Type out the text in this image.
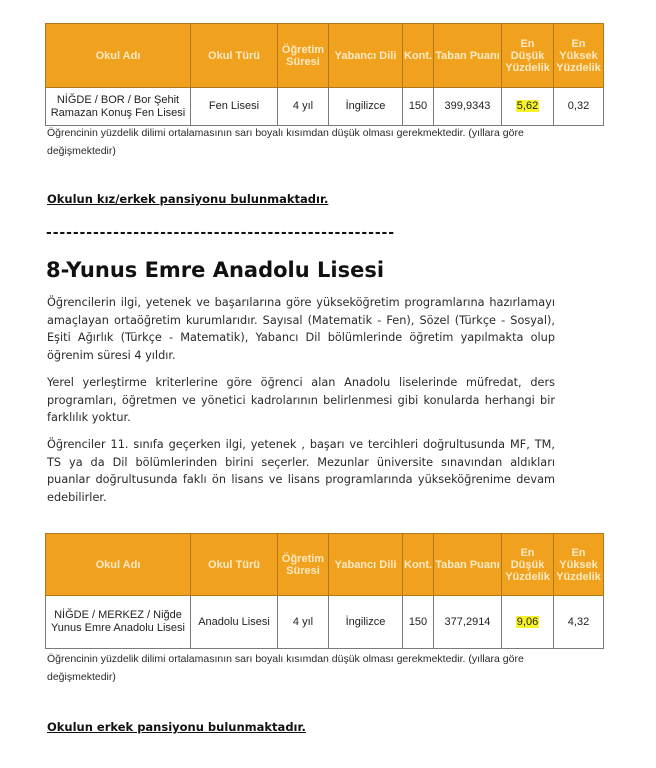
Okul Adı	Okul Türü	Öğretim Süresi	Yabancı Dili	Kont.	Taban Puanı	En Düşük Yüzdelik	En Yüksek Yüzdelik
NİĞDE / BOR / Bor Şehit Ramazan Konuş Fen Lisesi	Fen Lisesi	4 yıl	İngilizce	150	399,9343	5,62	0,32
Öğrencinin yüzdelik dilimi ortalamasının sarı boyalı kısımdan düşük olması gerekmektedir. (yıllara göre değişmektedir)
Okulun kız/erkek pansiyonu bulunmaktadır.
----------------------------------------------------
8-Yunus Emre Anadolu Lisesi

Öğrencilerin ilgi, yetenek ve başarılarına göre yükseköğretim programlarına hazırlamayı amaçlayan ortaöğretim kurumlarıdır. Sayısal (Matematik - Fen), Sözel (Türkçe - Sosyal), Eşiti Ağırlık (Türkçe - Matematik), Yabancı Dil bölümlerinde öğretim yapılmakta olup öğrenim süresi 4 yıldır.

Yerel yerleştirme kriterlerine göre öğrenci alan Anadolu liselerinde müfredat, ders programları, öğretmen ve yönetici kadrolarının belirlenmesi gibi konularda herhangi bir farklılık yoktur.

Öğrenciler 11. sınıfa geçerken ilgi, yetenek , başarı ve tercihleri doğrultusunda MF, TM, TS ya da Dil bölümlerinden birini seçerler. Mezunlar üniversite sınavından aldıkları puanlar doğrultusunda faklı ön lisans ve lisans programlarında yükseköğrenime devam edebilirler.

Okul Adı	Okul Türü	Öğretim Süresi	Yabancı Dili	Kont.	Taban Puanı	En Düşük Yüzdelik	En Yüksek Yüzdelik
NİĞDE / MERKEZ / Niğde Yunus Emre Anadolu Lisesi	Anadolu Lisesi	4 yıl	İngilizce	150	377,2914	9,06	4,32
Öğrencinin yüzdelik dilimi ortalamasının sarı boyalı kısımdan düşük olması gerekmektedir. (yıllara göre değişmektedir)
Okulun erkek pansiyonu bulunmaktadır.
